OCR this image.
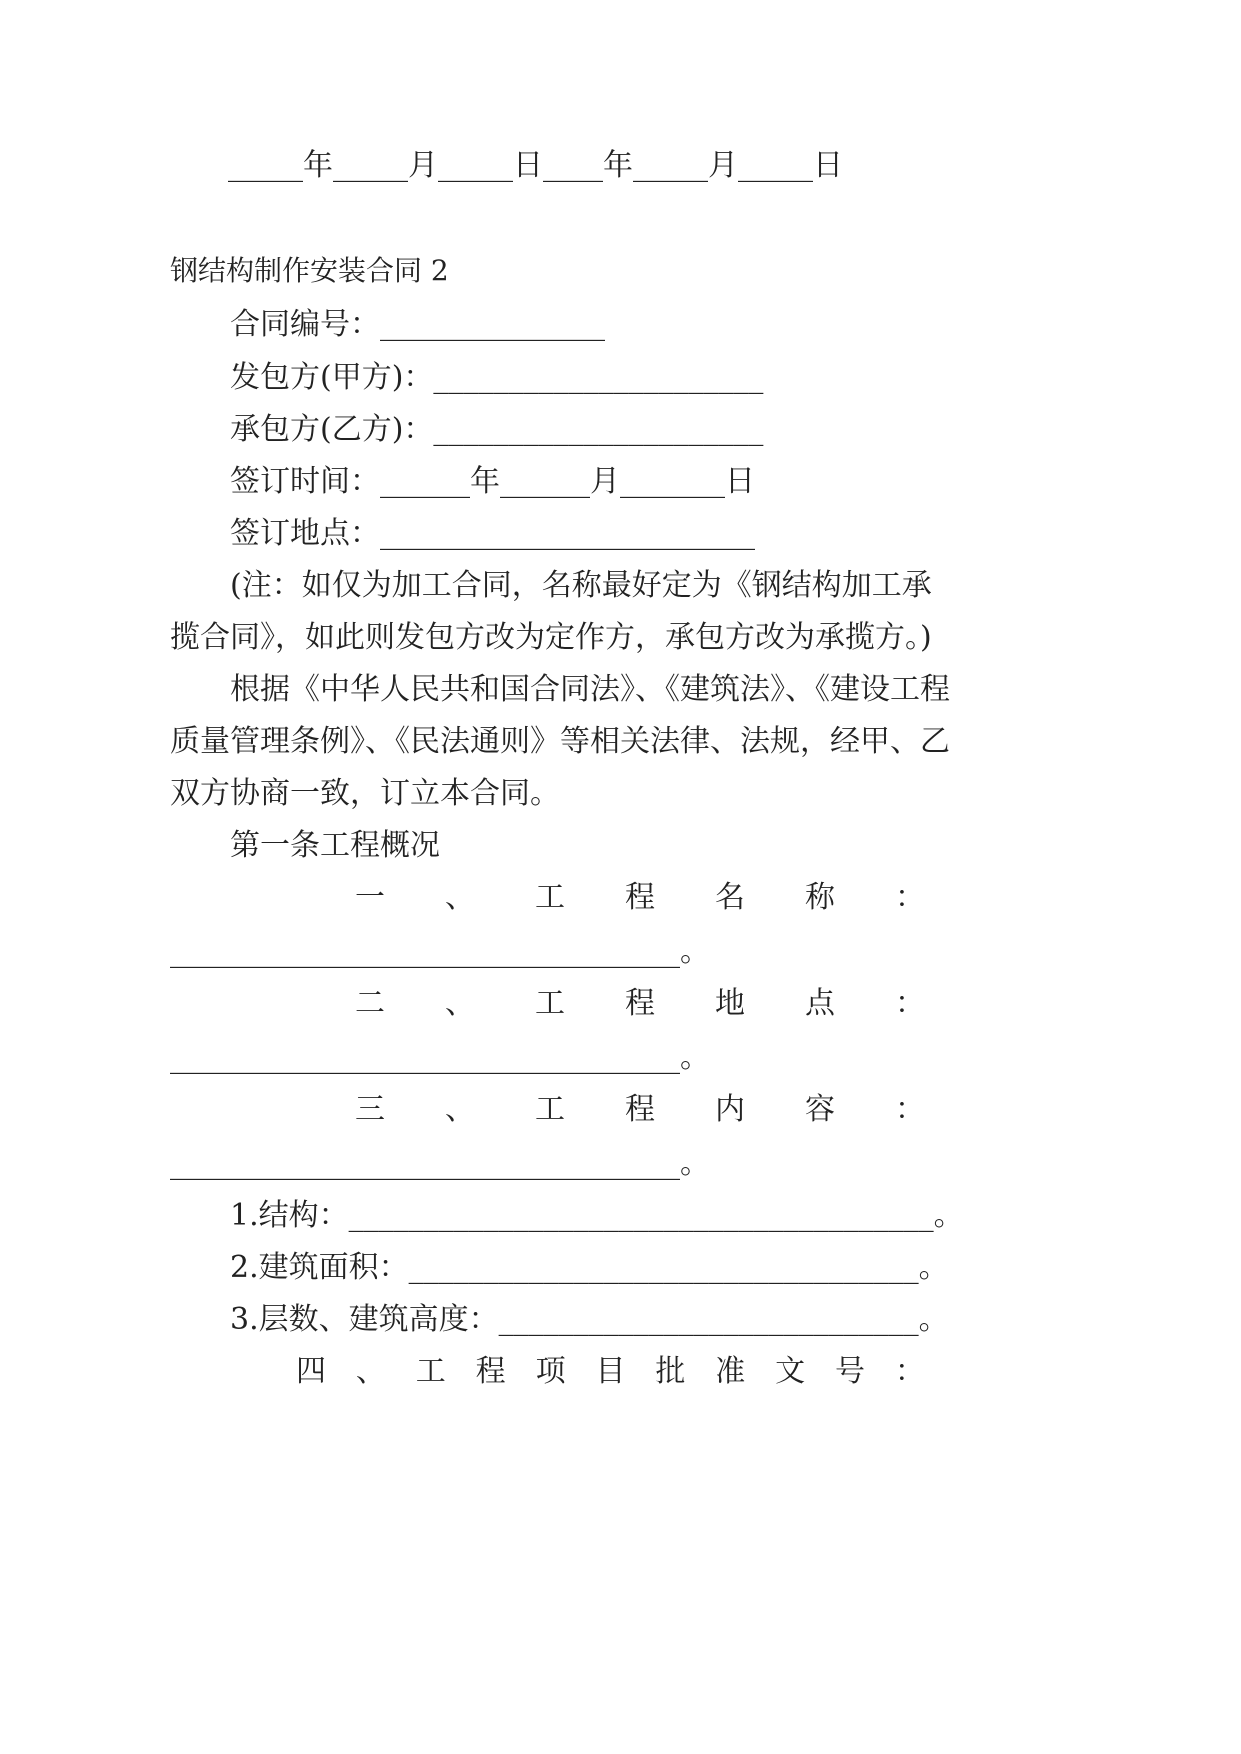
_____年_____月_____日____年_____月_____日
钢结构制作安装合同 2
合同编号：_______________
发包方(甲方)：______________________
承包方(乙方)：______________________
签订时间：______年______月_______日
签订地点：_________________________
(注：如仅为加工合同，名称最好定为《钢结构加工承
揽合同》，如此则发包方改为定作方，承包方改为承揽方。)
根据《中华人民共和国合同法》、《建筑法》、《建设工程
质量管理条例》、《民法通则》等相关法律、法规，经甲、乙
双方协商一致，订立本合同。
第一条工程概况
一 、 工 程 名 称 ：
__________________________________。
二 、 工 程 地 点 ：
__________________________________。
三 、 工 程 内 容 ：
__________________________________。
1.结构：_______________________________________。
2.建筑面积：__________________________________。
3.层数、建筑高度：____________________________。
四 、 工 程 项 目 批 准 文 号 ：
